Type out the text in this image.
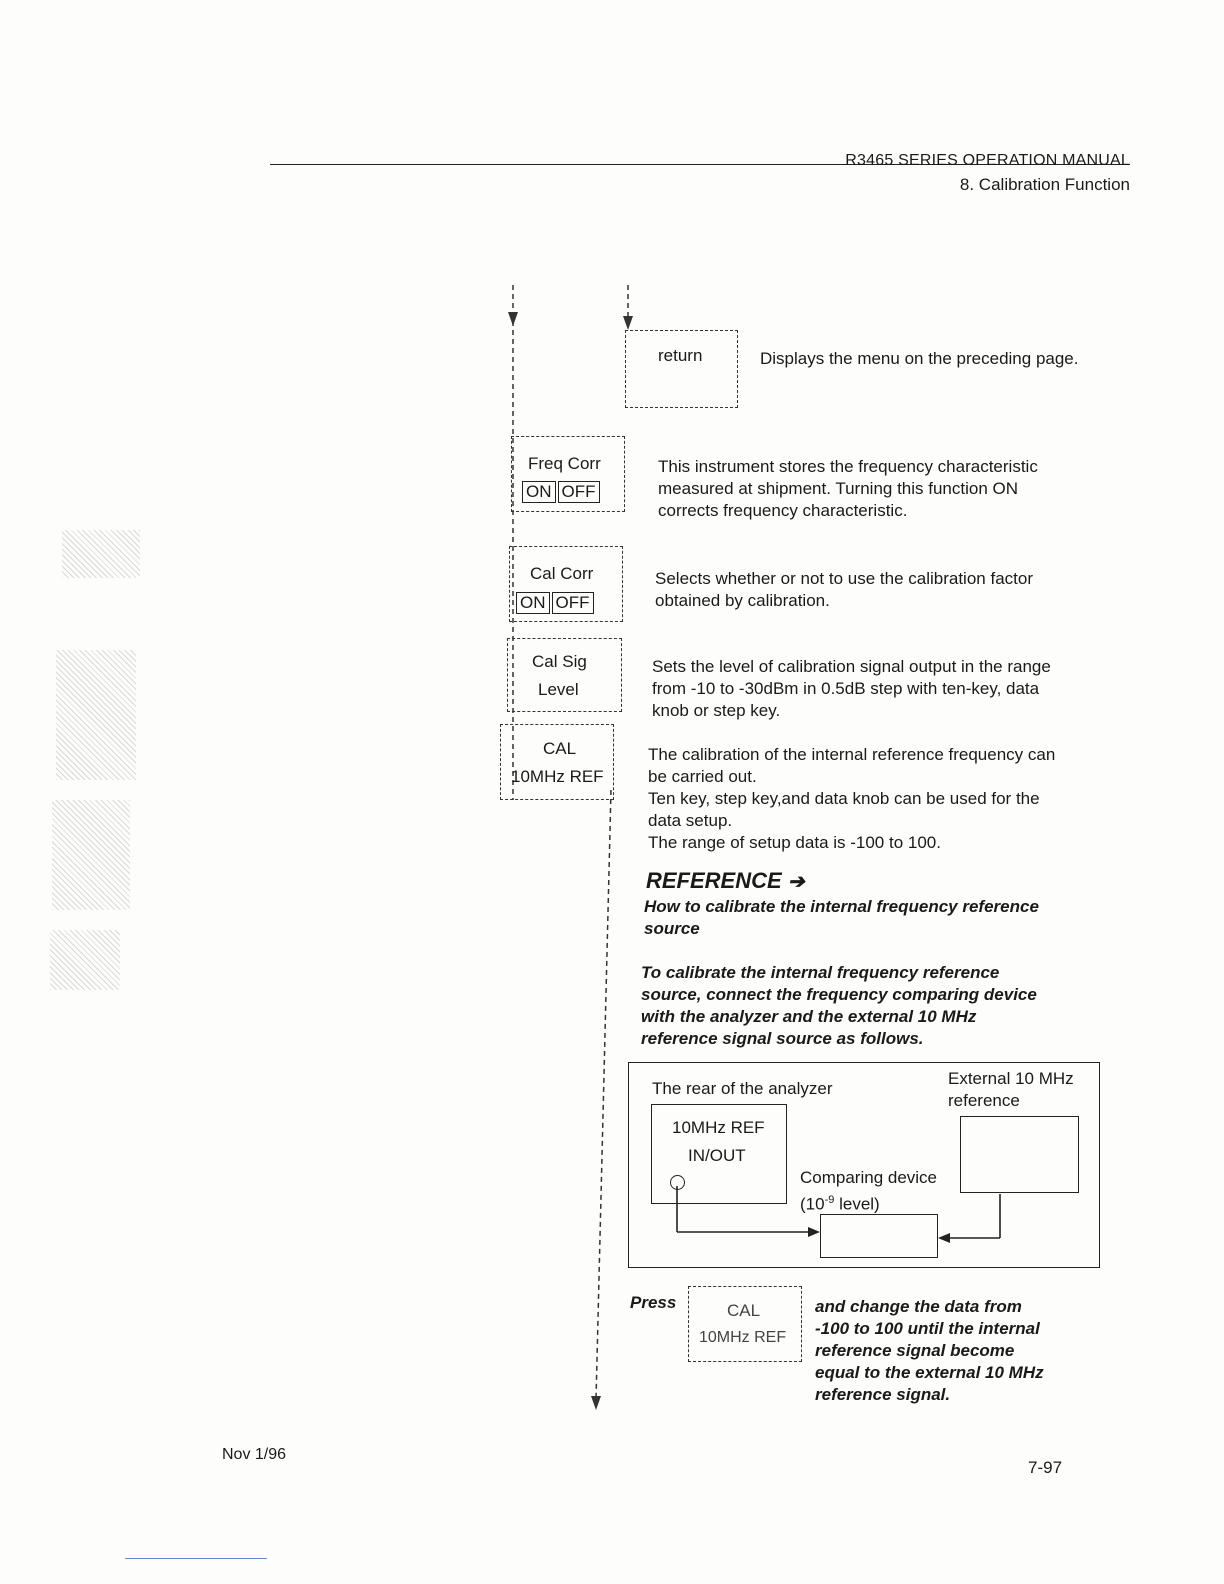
R3465 SERIES OPERATION MANUAL
8. Calibration Function
return	Displays the menu on the preceding page.
Freq Corr
ON OFF
This instrument stores the frequency characteristic
measured at shipment. Turning this function ON
corrects frequency characteristic.
Cal Corr
ON OFF
Selects whether or not to use the calibration factor
obtained by calibration.
Cal Sig
Level
Sets the level of calibration signal output in the range
from -10 to -30dBm in 0.5dB step with ten-key, data
knob or step key.
CAL
10MHz REF
The calibration of the internal reference frequency can
be carried out.
Ten key, step key,and data knob can be used for the
data setup.
The range of setup data is -100 to 100.
REFERENCE ➔
How to calibrate the internal frequency reference
source
To calibrate the internal frequency reference
source, connect the frequency comparing device
with the analyzer and the external 10 MHz
reference signal source as follows.
The rear of the analyzer
External 10 MHz
reference
10MHz REF
IN/OUT
Comparing device
($10^{-9}$ level)
Press	CAL
10MHz REF
and change the data from
-100 to 100 until the internal
reference signal become
equal to the external 10 MHz
reference signal.
Nov 1/96
7-97
